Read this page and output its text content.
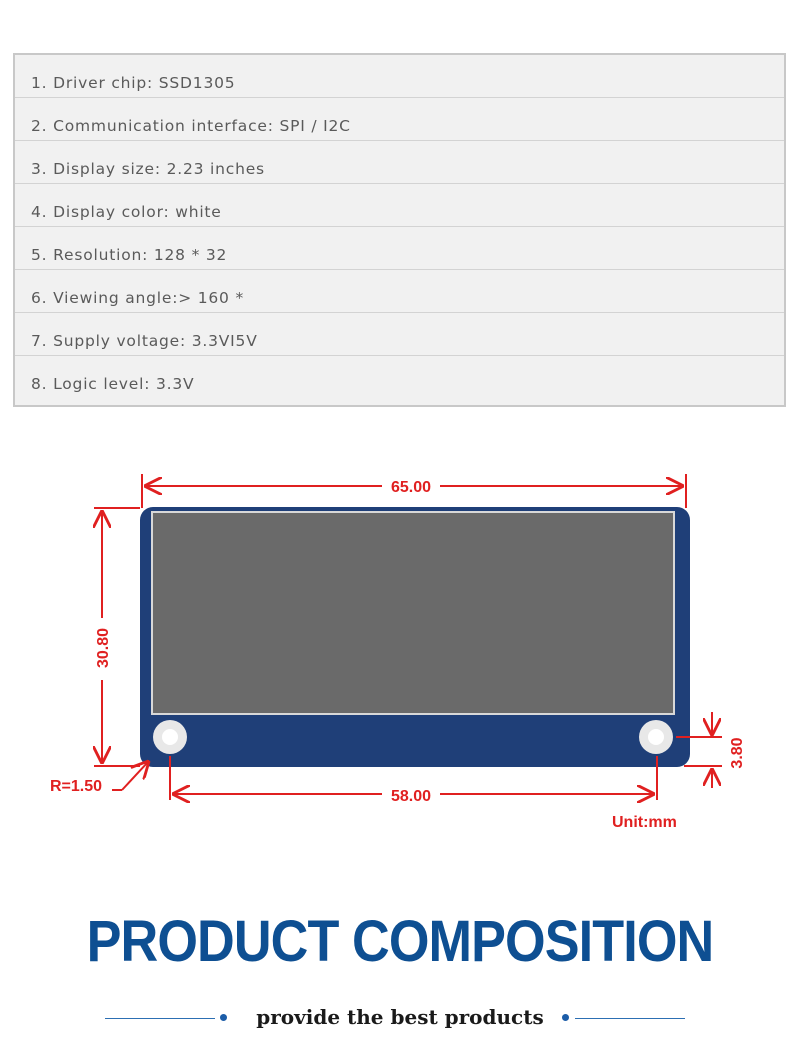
1. Driver chip: SSD1305
2. Communication interface: SPI / I2C
3. Display size: 2.23 inches
4. Display color: white
5. Resolution: 128 * 32
6. Viewing angle:> 160 *
7. Supply voltage: 3.3VI5V
8. Logic level: 3.3V
65.00
30.80
58.00
3.80
R=1.50
Unit:mm
PRODUCT COMPOSITION
provide the best products
